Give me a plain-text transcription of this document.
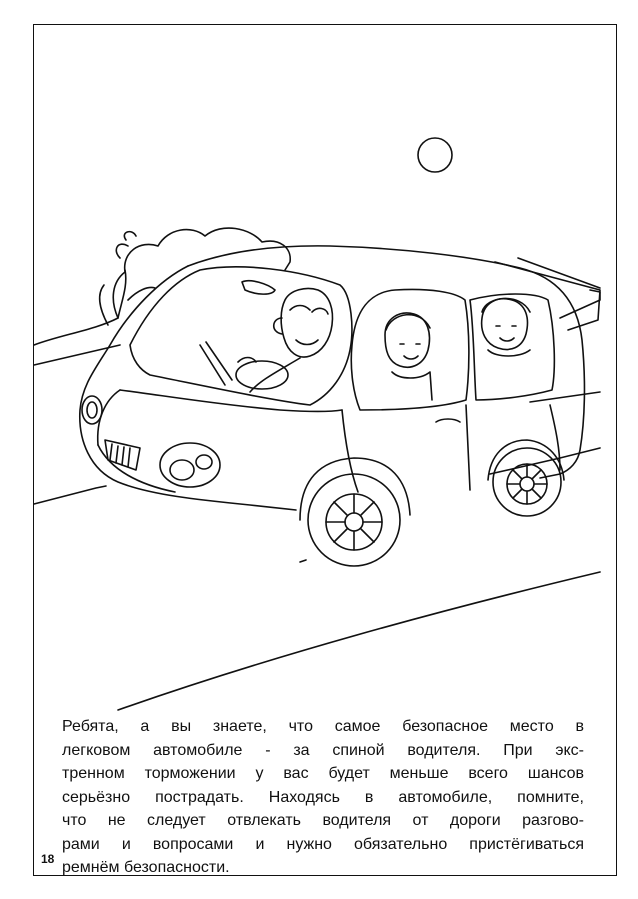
Ребята, а вы знаете, что самое безопасное место в
легковом автомобиле - за спиной водителя. При экс-
тренном торможении у вас будет меньше всего шансов
серьёзно пострадать. Находясь в автомобиле, помните,
что не следует отвлекать водителя от дороги разгово-
рами и вопросами и нужно обязательно пристёгиваться
ремнём безопасности.
18
